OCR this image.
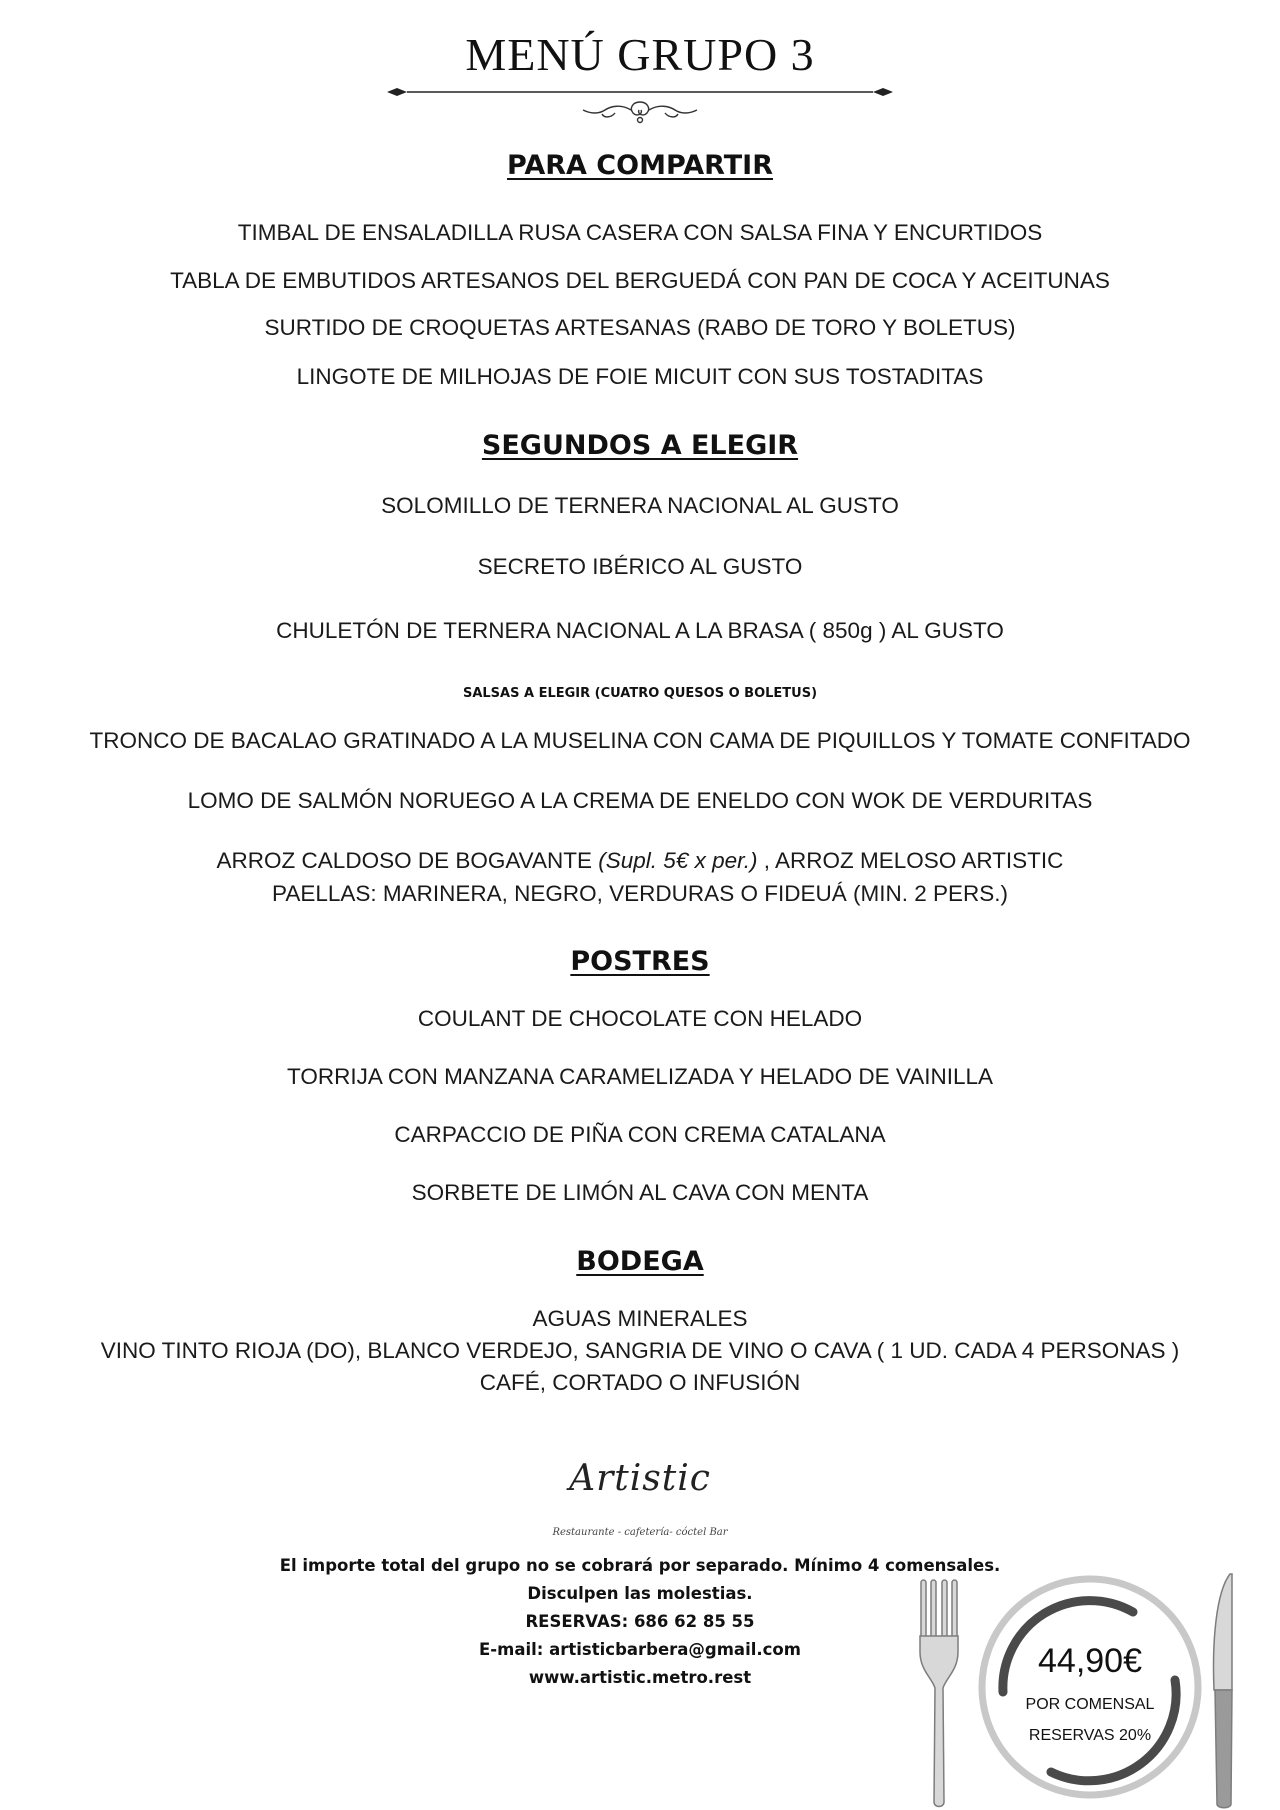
MENÚ GRUPO 3
PARA COMPARTIR
TIMBAL DE ENSALADILLA RUSA CASERA CON SALSA FINA Y ENCURTIDOS
TABLA DE EMBUTIDOS ARTESANOS DEL BERGUEDÁ CON PAN DE COCA Y ACEITUNAS
SURTIDO DE CROQUETAS ARTESANAS (RABO DE TORO Y BOLETUS)
LINGOTE DE MILHOJAS DE FOIE MICUIT CON SUS TOSTADITAS
SEGUNDOS A ELEGIR
SOLOMILLO DE TERNERA NACIONAL AL GUSTO
SECRETO IBÉRICO AL GUSTO
CHULETÓN DE TERNERA NACIONAL A LA BRASA ( 850g ) AL GUSTO
SALSAS A ELEGIR (CUATRO QUESOS O BOLETUS)
TRONCO DE BACALAO GRATINADO A LA MUSELINA CON CAMA DE PIQUILLOS Y TOMATE CONFITADO
LOMO DE SALMÓN NORUEGO A LA CREMA DE ENELDO CON WOK DE VERDURITAS
ARROZ CALDOSO DE BOGAVANTE (Supl. 5€ x per.) , ARROZ MELOSO ARTISTIC
PAELLAS: MARINERA, NEGRO, VERDURAS O FIDEUÁ (MIN. 2 PERS.)
POSTRES
COULANT DE CHOCOLATE CON HELADO
TORRIJA CON MANZANA CARAMELIZADA Y HELADO DE VAINILLA
CARPACCIO DE PIÑA CON CREMA CATALANA
SORBETE DE LIMÓN AL CAVA CON MENTA
BODEGA
AGUAS MINERALES
VINO TINTO RIOJA (DO), BLANCO VERDEJO, SANGRIA DE VINO O CAVA ( 1 UD. CADA 4 PERSONAS )
CAFÉ, CORTADO O INFUSIÓN
Artistic
Restaurante - cafetería- cóctel Bar
El importe total del grupo no se cobrará por separado. Mínimo 4 comensales.
Disculpen las molestias.
RESERVAS: 686 62 85 55
E-mail: artisticbarbera@gmail.com
www.artistic.metro.rest	44,90€
POR COMENSAL
RESERVAS 20%
